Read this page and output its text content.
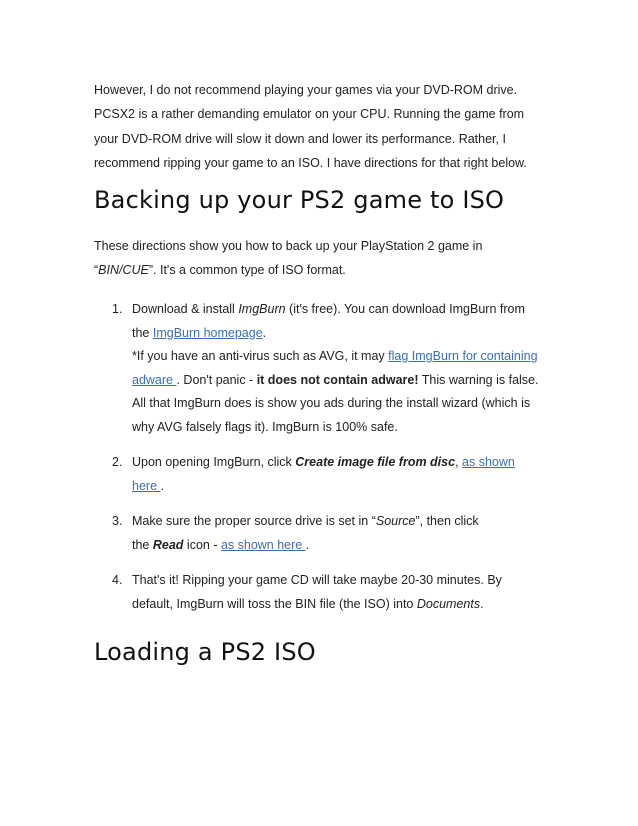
However, I do not recommend playing your games via your DVD-ROM drive.
PCSX2 is a rather demanding emulator on your CPU. Running the game from
your DVD-ROM drive will slow it down and lower its performance. Rather, I
recommend ripping your game to an ISO. I have directions for that right below.

Backing up your PS2 game to ISO

These directions show you how to back up your PlayStation 2 game in
“BIN/CUE”. It's a common type of ISO format.

1. Download & install ImgBurn (it's free). You can download ImgBurn from
the ImgBurn homepage.
*If you have an anti-virus such as AVG, it may flag ImgBurn for containing
adware . Don't panic - it does not contain adware! This warning is false.
All that ImgBurn does is show you ads during the install wizard (which is
why AVG falsely flags it). ImgBurn is 100% safe.
2. Upon opening ImgBurn, click Create image file from disc, as shown
here .
3. Make sure the proper source drive is set in “Source”, then click
the Read icon - as shown here .
4. That's it! Ripping your game CD will take maybe 20-30 minutes. By
default, ImgBurn will toss the BIN file (the ISO) into Documents.
Loading a PS2 ISO
